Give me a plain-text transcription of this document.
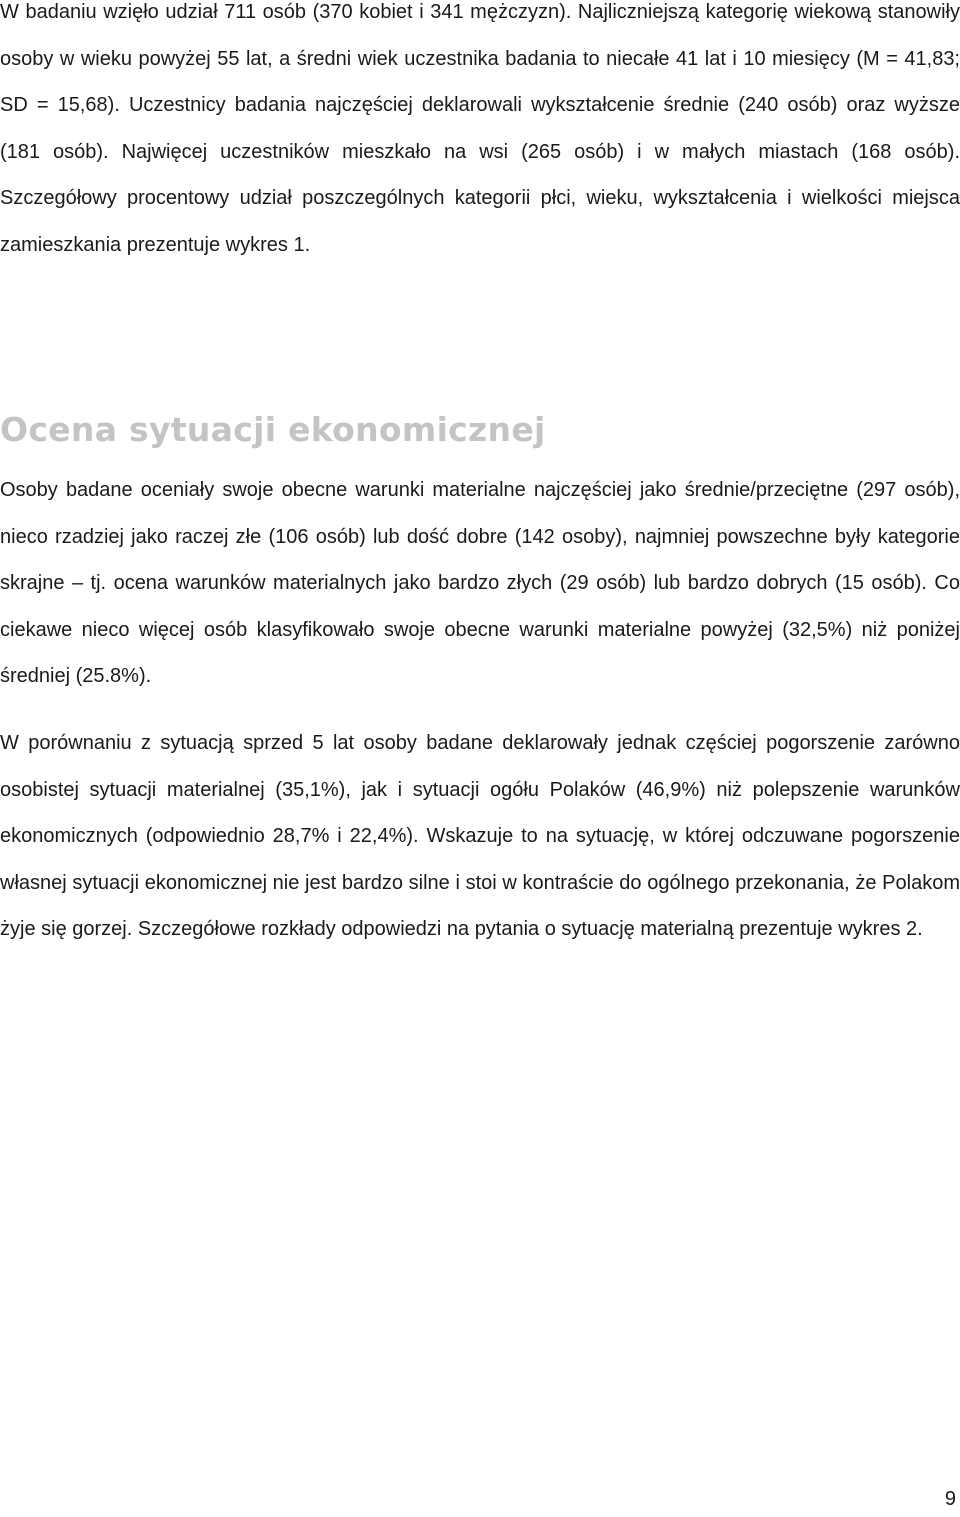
W badaniu wzięło udział 711 osób (370 kobiet i 341 mężczyzn). Najliczniejszą kategorię wiekową stanowiły osoby w wieku powyżej 55 lat, a średni wiek uczestnika badania to niecałe 41 lat i 10 miesięcy (M = 41,83; SD = 15,68). Uczestnicy badania najczęściej deklarowali wykształcenie średnie (240 osób) oraz wyższe (181 osób). Najwięcej uczestników mieszkało na wsi (265 osób) i w małych miastach (168 osób). Szczegółowy procentowy udział poszczególnych kategorii płci, wieku, wykształcenia i wielkości miejsca zamieszkania prezentuje wykres 1.

Ocena sytuacji ekonomicznej

Osoby badane oceniały swoje obecne warunki materialne najczęściej jako średnie/przeciętne (297 osób), nieco rzadziej jako raczej złe (106 osób) lub dość dobre (142 osoby), najmniej powszechne były kategorie skrajne – tj. ocena warunków materialnych jako bardzo złych (29 osób) lub bardzo dobrych (15 osób). Co ciekawe nieco więcej osób klasyfikowało swoje obecne warunki materialne powyżej (32,5%) niż poniżej średniej (25.8%).

W porównaniu z sytuacją sprzed 5 lat osoby badane deklarowały jednak częściej pogorszenie zarówno osobistej sytuacji materialnej (35,1%), jak i sytuacji ogółu Polaków (46,9%) niż polepszenie warunków ekonomicznych (odpowiednio 28,7% i 22,4%). Wskazuje to na sytuację, w której odczuwane pogorszenie własnej sytuacji ekonomicznej nie jest bardzo silne i stoi w kontraście do ogólnego przekonania, że Polakom żyje się gorzej. Szczegółowe rozkłady odpowiedzi na pytania o sytuację materialną prezentuje wykres 2.

9
